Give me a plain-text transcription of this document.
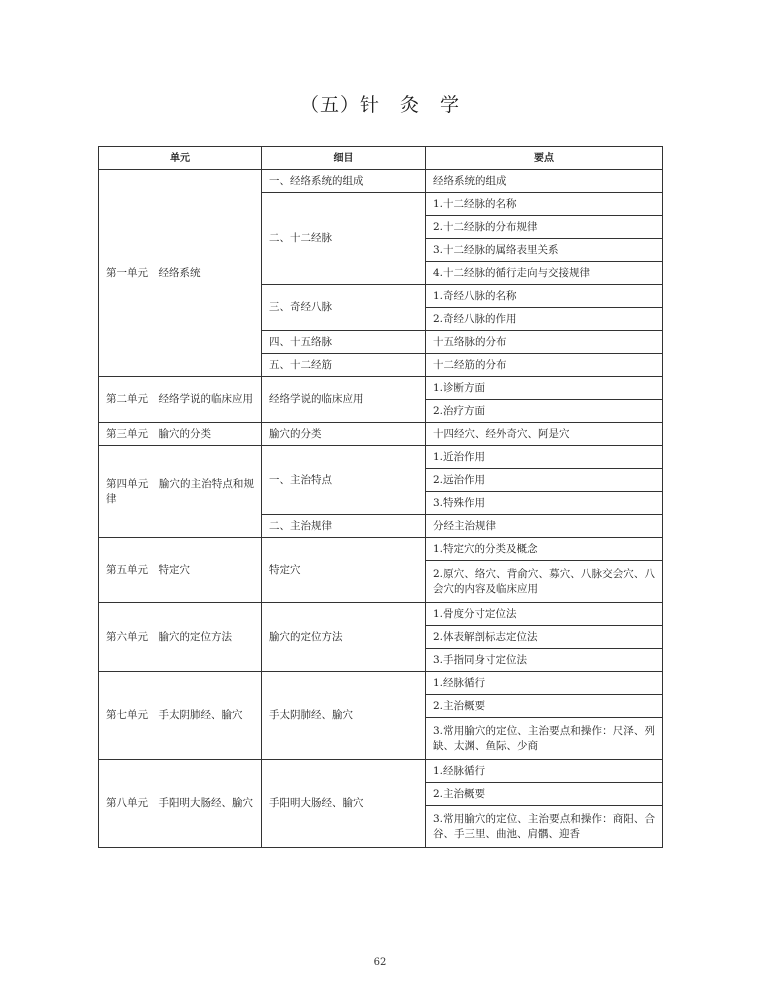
（五）针　灸　学
单元	细目	要点
第一单元　经络系统	一、经络系统的组成	经络系统的组成
	二、十二经脉	1.十二经脉的名称
		2.十二经脉的分布规律
		3.十二经脉的属络表里关系
		4.十二经脉的循行走向与交接规律
	三、奇经八脉	1.奇经八脉的名称
		2.奇经八脉的作用
	四、十五络脉	十五络脉的分布
	五、十二经筋	十二经筋的分布
第二单元　经络学说的临床应用	经络学说的临床应用	1.诊断方面
		2.治疗方面
第三单元　腧穴的分类	腧穴的分类	十四经穴、经外奇穴、阿是穴
第四单元　腧穴的主治特点和规律	一、主治特点	1.近治作用
		2.远治作用
		3.特殊作用
	二、主治规律	分经主治规律
第五单元　特定穴	特定穴	1.特定穴的分类及概念
		2.原穴、络穴、背俞穴、募穴、八脉交会穴、八会穴的内容及临床应用
第六单元　腧穴的定位方法	腧穴的定位方法	1.骨度分寸定位法
		2.体表解剖标志定位法
		3.手指同身寸定位法
第七单元　手太阴肺经、腧穴	手太阴肺经、腧穴	1.经脉循行
		2.主治概要
		3.常用腧穴的定位、主治要点和操作：尺泽、列缺、太渊、鱼际、少商
第八单元　手阳明大肠经、腧穴	手阳明大肠经、腧穴	1.经脉循行
		2.主治概要
		3.常用腧穴的定位、主治要点和操作：商阳、合谷、手三里、曲池、肩髃、迎香
62
